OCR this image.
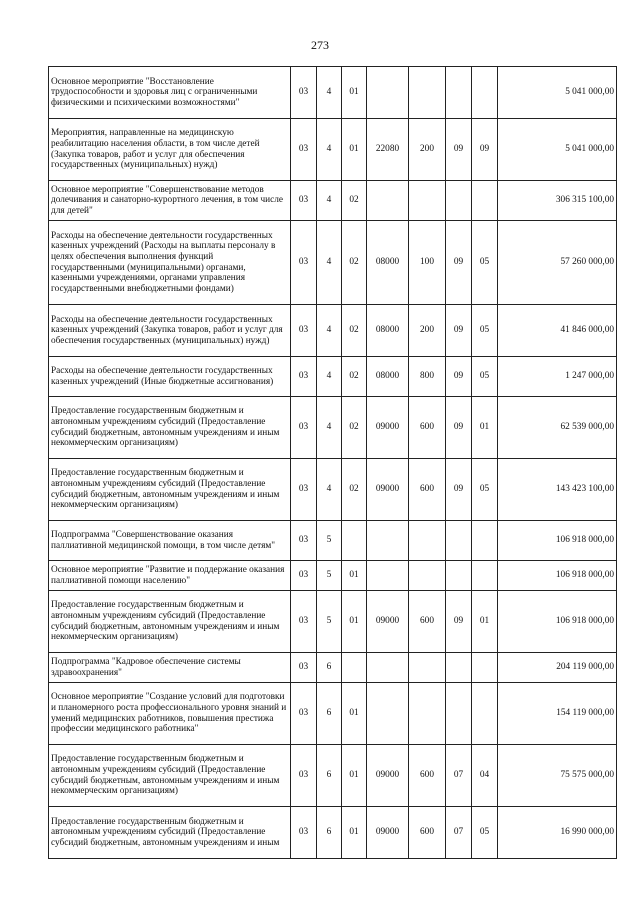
273
Основное мероприятие "Восстановление трудоспособности и здоровья лиц с ограниченными физическими и психическими возможностями"	03	4	01					5 041 000,00
Мероприятия, направленные на медицинскую реабилитацию населения области, в том числе детей (Закупка товаров, работ и услуг для обеспечения государственных (муниципальных) нужд)	03	4	01	22080	200	09	09	5 041 000,00
Основное мероприятие "Совершенствование методов долечивания и санаторно-курортного лечения, в том числе для детей"	03	4	02					306 315 100,00
Расходы на обеспечение деятельности государственных казенных учреждений (Расходы на выплаты персоналу в целях обеспечения выполнения функций государственными (муниципальными) органами, казенными учреждениями, органами управления государственными внебюджетными фондами)	03	4	02	08000	100	09	05	57 260 000,00
Расходы на обеспечение деятельности государственных казенных учреждений (Закупка товаров, работ и услуг для обеспечения государственных (муниципальных) нужд)	03	4	02	08000	200	09	05	41 846 000,00
Расходы на обеспечение деятельности государственных казенных учреждений (Иные бюджетные ассигнования)	03	4	02	08000	800	09	05	1 247 000,00
Предоставление государственным бюджетным и автономным учреждениям субсидий (Предоставление субсидий бюджетным, автономным учреждениям и иным некоммерческим организациям)	03	4	02	09000	600	09	01	62 539 000,00
Предоставление государственным бюджетным и автономным учреждениям субсидий (Предоставление субсидий бюджетным, автономным учреждениям и иным некоммерческим организациям)	03	4	02	09000	600	09	05	143 423 100,00
Подпрограмма "Совершенствование оказания паллиативной медицинской помощи, в том числе детям"	03	5						106 918 000,00
Основное мероприятие "Развитие и поддержание оказания паллиативной помощи населению"	03	5	01					106 918 000,00
Предоставление государственным бюджетным и автономным учреждениям субсидий (Предоставление субсидий бюджетным, автономным учреждениям и иным некоммерческим организациям)	03	5	01	09000	600	09	01	106 918 000,00
Подпрограмма "Кадровое обеспечение системы здравоохранения"	03	6						204 119 000,00
Основное мероприятие "Создание условий для подготовки и планомерного роста профессионального уровня знаний и умений медицинских работников, повышения престижа профессии медицинского работника"	03	6	01					154 119 000,00
Предоставление государственным бюджетным и автономным учреждениям субсидий (Предоставление субсидий бюджетным, автономным учреждениям и иным некоммерческим организациям)	03	6	01	09000	600	07	04	75 575 000,00
Предоставление государственным бюджетным и автономным учреждениям субсидий (Предоставление субсидий бюджетным, автономным учреждениям и иным	03	6	01	09000	600	07	05	16 990 000,00
